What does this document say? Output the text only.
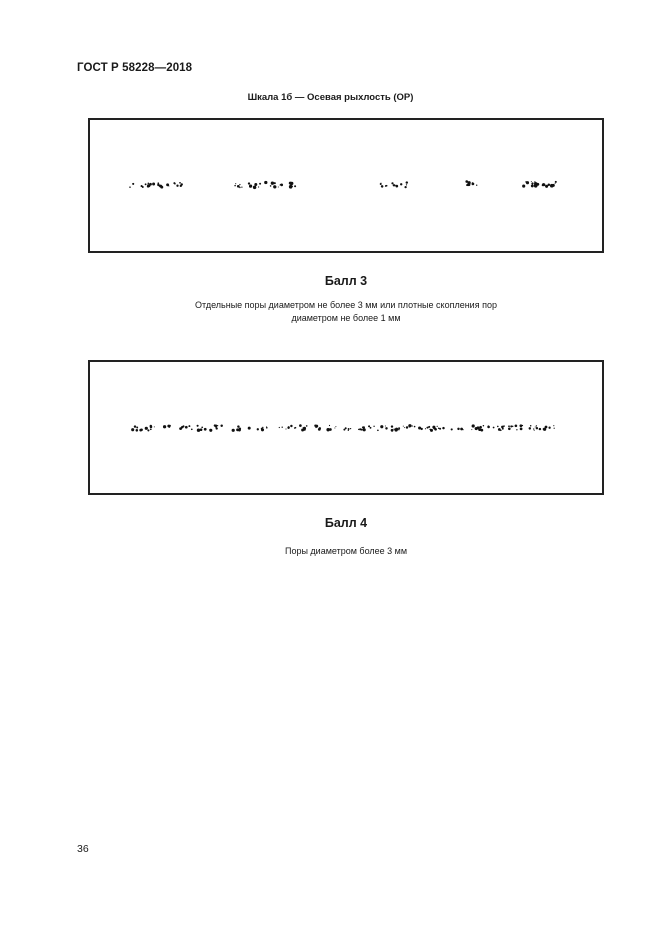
ГОСТ Р 58228—2018
Шкала 1б — Осевая рыхлость (ОР)
Балл 3
Отдельные поры диаметром не более 3 мм или плотные скопления пор
диаметром не более 1 мм
Балл 4
Поры диаметром более 3 мм
36
